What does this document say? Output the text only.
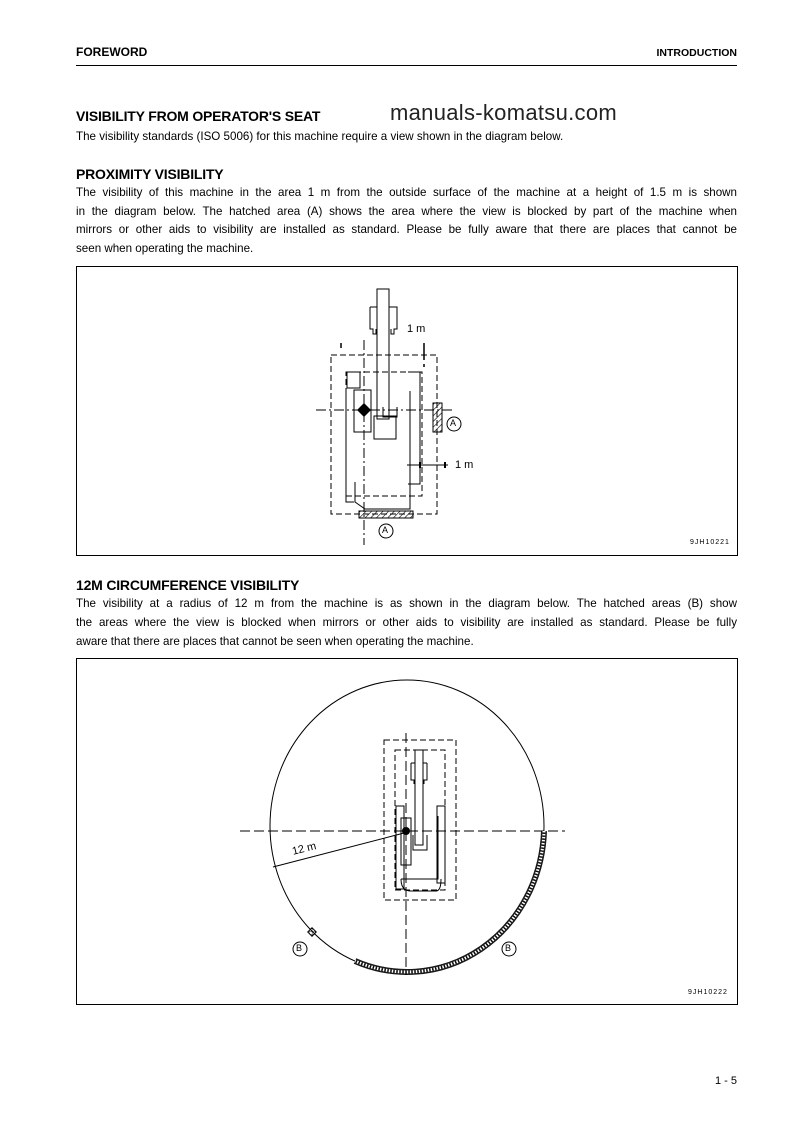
FOREWORD	INTRODUCTION
VISIBILITY FROM OPERATOR'S SEAT	manuals-komatsu.com
The visibility standards (ISO 5006) for this machine require a view shown in the diagram below.
PROXIMITY VISIBILITY
The visibility of this machine in the area 1 m from the outside surface of the machine at a height of 1.5 m is shown
in the diagram below. The hatched area (A) shows the area where the view is blocked by part of the machine when
mirrors or other aids to visibility are installed as standard. Please be fully aware that there are places that cannot be
seen when operating the machine.
12M CIRCUMFERENCE VISIBILITY
The visibility at a radius of 12 m from the machine is as shown in the diagram below. The hatched areas (B) show
the areas where the view is blocked when mirrors or other aids to visibility are installed as standard. Please be fully
aware that there are places that cannot be seen when operating the machine.
1 m
1 m
A
A
9JH10221
12 m
B	B
9JH10222
1 - 5
